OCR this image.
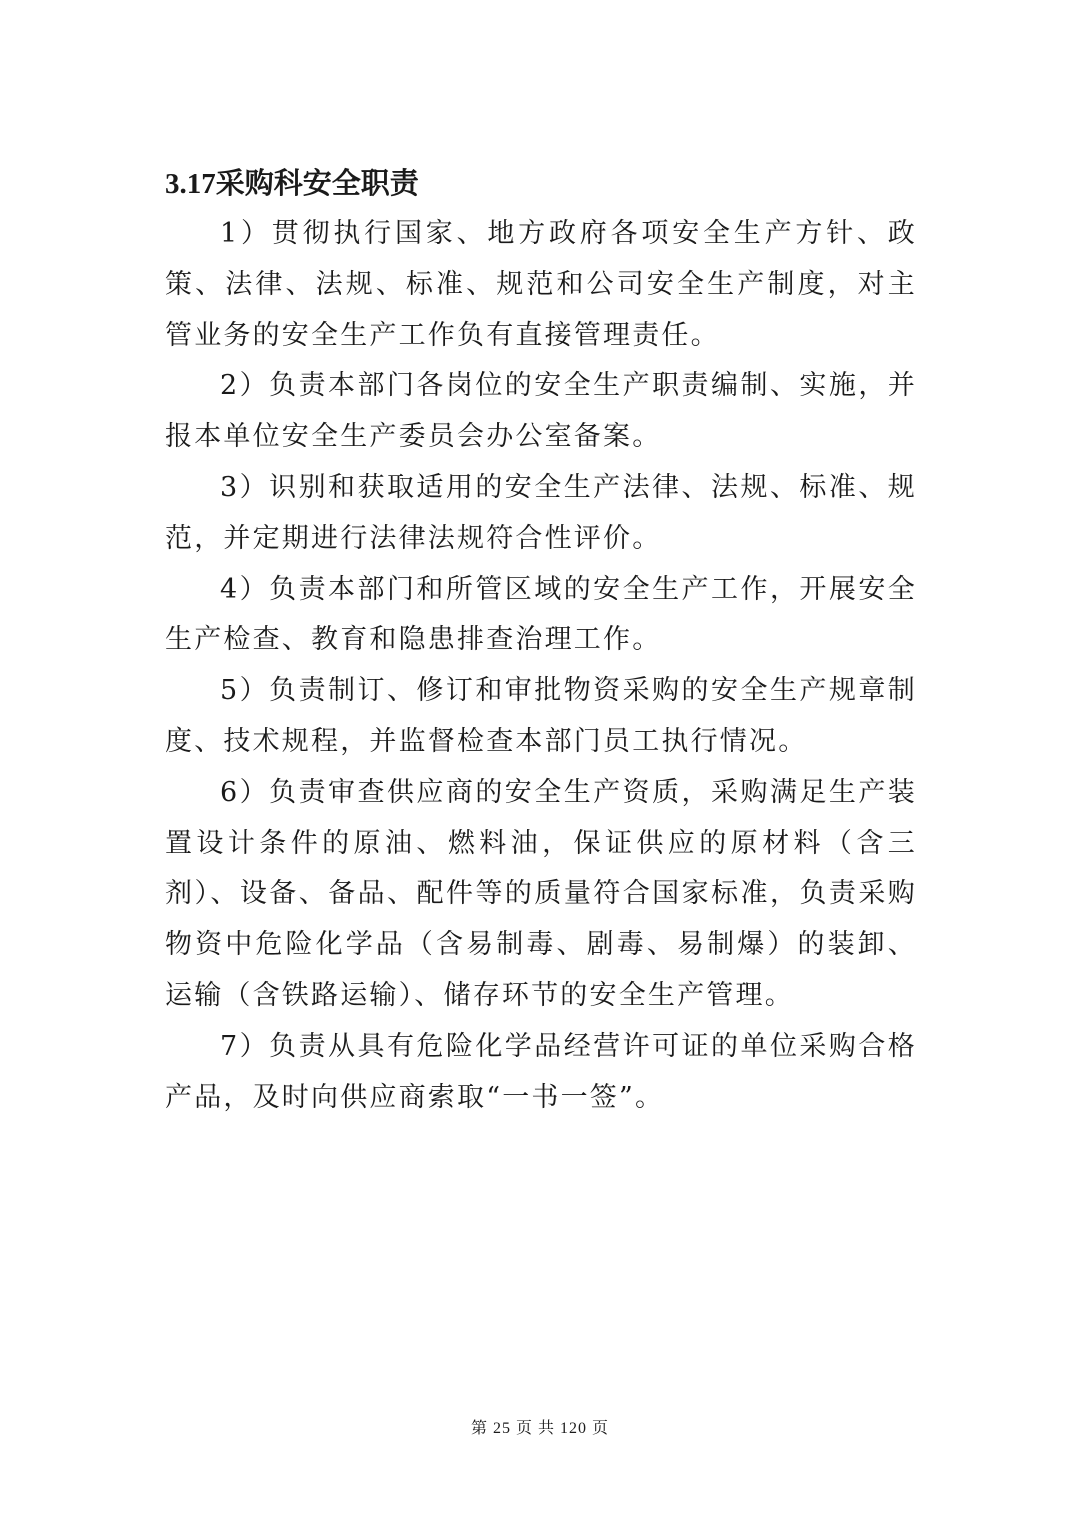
3.17采购科安全职责

1）贯彻执行国家、地方政府各项安全生产方针、政策、法律、法规、标准、规范和公司安全生产制度，对主管业务的安全生产工作负有直接管理责任。

2）负责本部门各岗位的安全生产职责编制、实施，并报本单位安全生产委员会办公室备案。

3）识别和获取适用的安全生产法律、法规、标准、规范，并定期进行法律法规符合性评价。

4）负责本部门和所管区域的安全生产工作，开展安全生产检查、教育和隐患排查治理工作。

5）负责制订、修订和审批物资采购的安全生产规章制度、技术规程，并监督检查本部门员工执行情况。

6）负责审查供应商的安全生产资质，采购满足生产装置设计条件的原油、燃料油，保证供应的原材料（含三剂）、设备、备品、配件等的质量符合国家标准，负责采购物资中危险化学品（含易制毒、剧毒、易制爆）的装卸、运输（含铁路运输）、储存环节的安全生产管理。

7）负责从具有危险化学品经营许可证的单位采购合格产品，及时向供应商索取“一书一签”。

第 25 页 共 120 页
